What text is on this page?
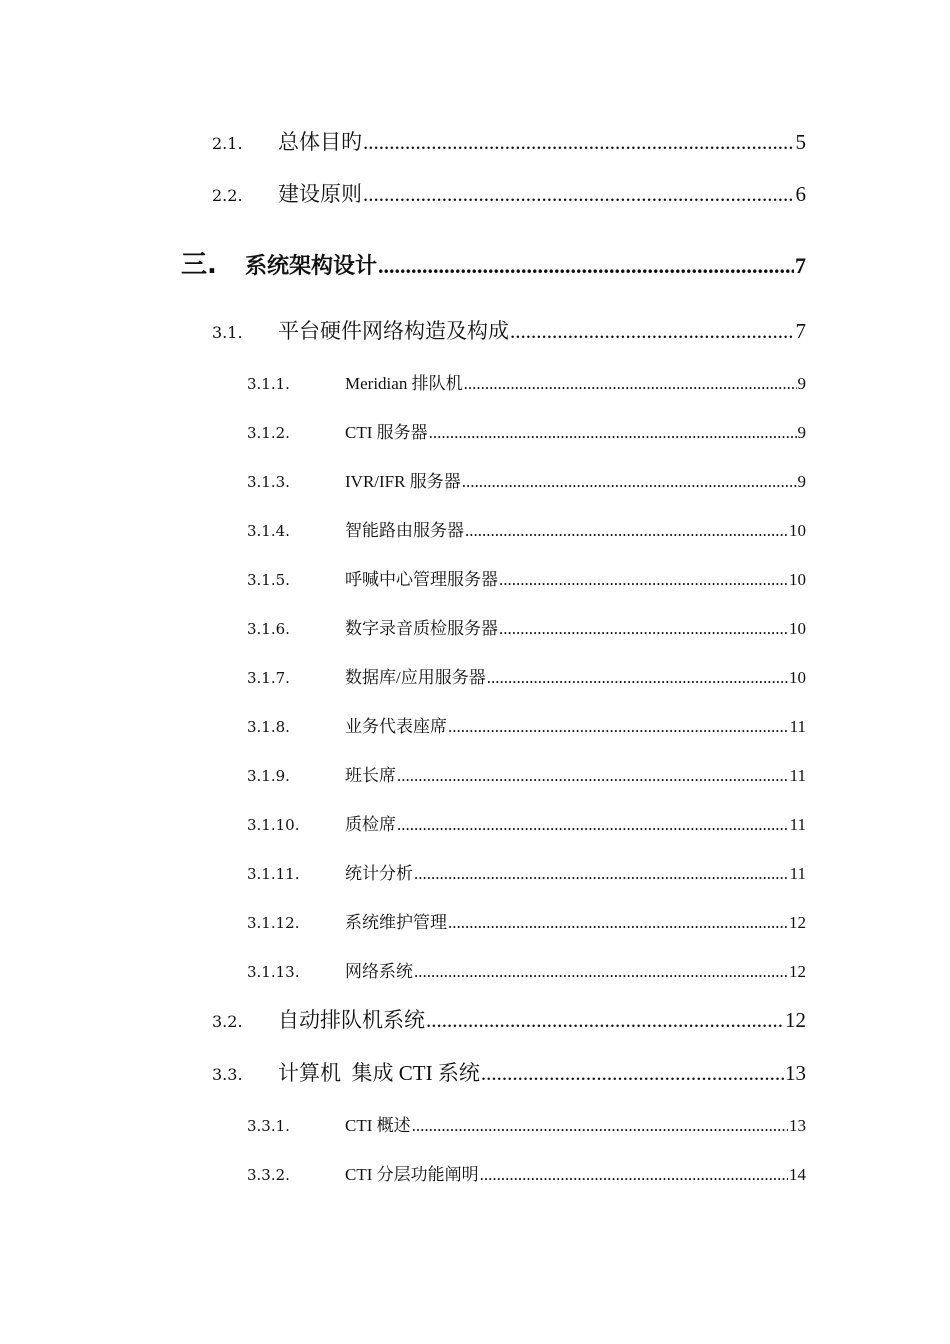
2.1.	总体目旳 .....	5
2.2.	建设原则 .....	6
三.	系统架构设计 .....	7
3.1.	平台硬件网络构造及构成 .....	7
3.1.1.	Meridian 排队机 .....	9
3.1.2.	CTI 服务器 .....	9
3.1.3.	IVR/IFR 服务器 .....	9
3.1.4.	智能路由服务器 .....	10
3.1.5.	呼喊中心管理服务器 .....	10
3.1.6.	数字录音质检服务器 .....	10
3.1.7.	数据库/应用服务器 .....	10
3.1.8.	业务代表座席 .....	11
3.1.9.	班长席 .....	11
3.1.10.	质检席 .....	11
3.1.11.	统计分析 .....	11
3.1.12.	系统维护管理 .....	12
3.1.13.	网络系统 .....	12
3.2.	自动排队机系统 .....	12
3.3.	计算机  集成 CTI 系统 .....	13
3.3.1.	CTI 概述 .....	13
3.3.2.	CTI 分层功能阐明 .....	14
